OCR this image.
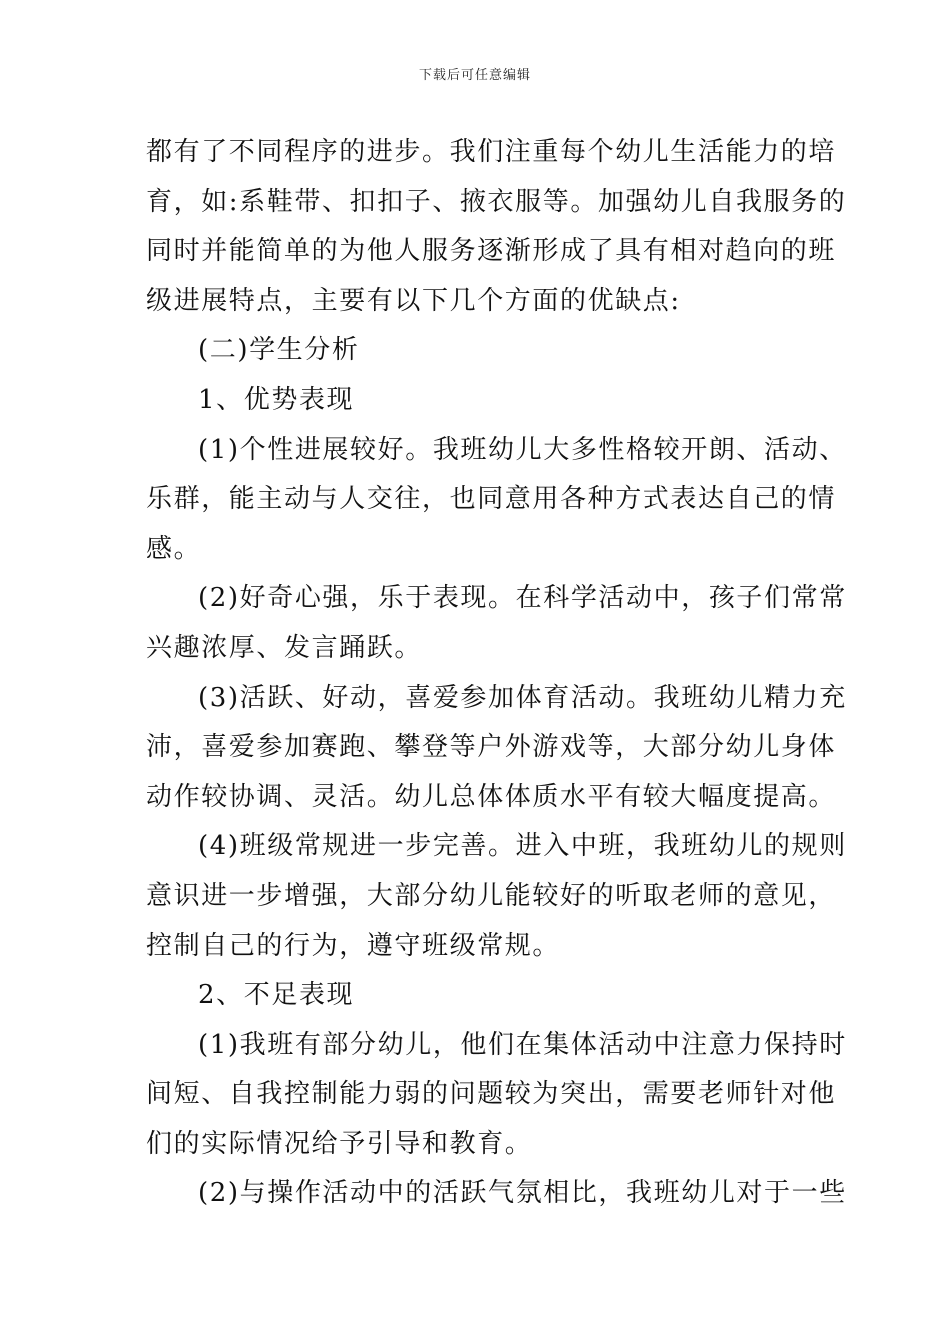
下载后可任意编辑

都有了不同程序的进步。我们注重每个幼儿生活能力的培

育，如:系鞋带、扣扣子、掖衣服等。加强幼儿自我服务的

同时并能简单的为他人服务逐渐形成了具有相对趋向的班

级进展特点，主要有以下几个方面的优缺点:

(二)学生分析

1、优势表现

(1)个性进展较好。我班幼儿大多性格较开朗、活动、

乐群，能主动与人交往，也同意用各种方式表达自己的情

感。

(2)好奇心强，乐于表现。在科学活动中，孩子们常常

兴趣浓厚、发言踊跃。

(3)活跃、好动，喜爱参加体育活动。我班幼儿精力充

沛，喜爱参加赛跑、攀登等户外游戏等，大部分幼儿身体

动作较协调、灵活。幼儿总体体质水平有较大幅度提高。

(4)班级常规进一步完善。进入中班，我班幼儿的规则

意识进一步增强，大部分幼儿能较好的听取老师的意见，

控制自己的行为，遵守班级常规。

2、不足表现

(1)我班有部分幼儿，他们在集体活动中注意力保持时

间短、自我控制能力弱的问题较为突出，需要老师针对他

们的实际情况给予引导和教育。

(2)与操作活动中的活跃气氛相比，我班幼儿对于一些
